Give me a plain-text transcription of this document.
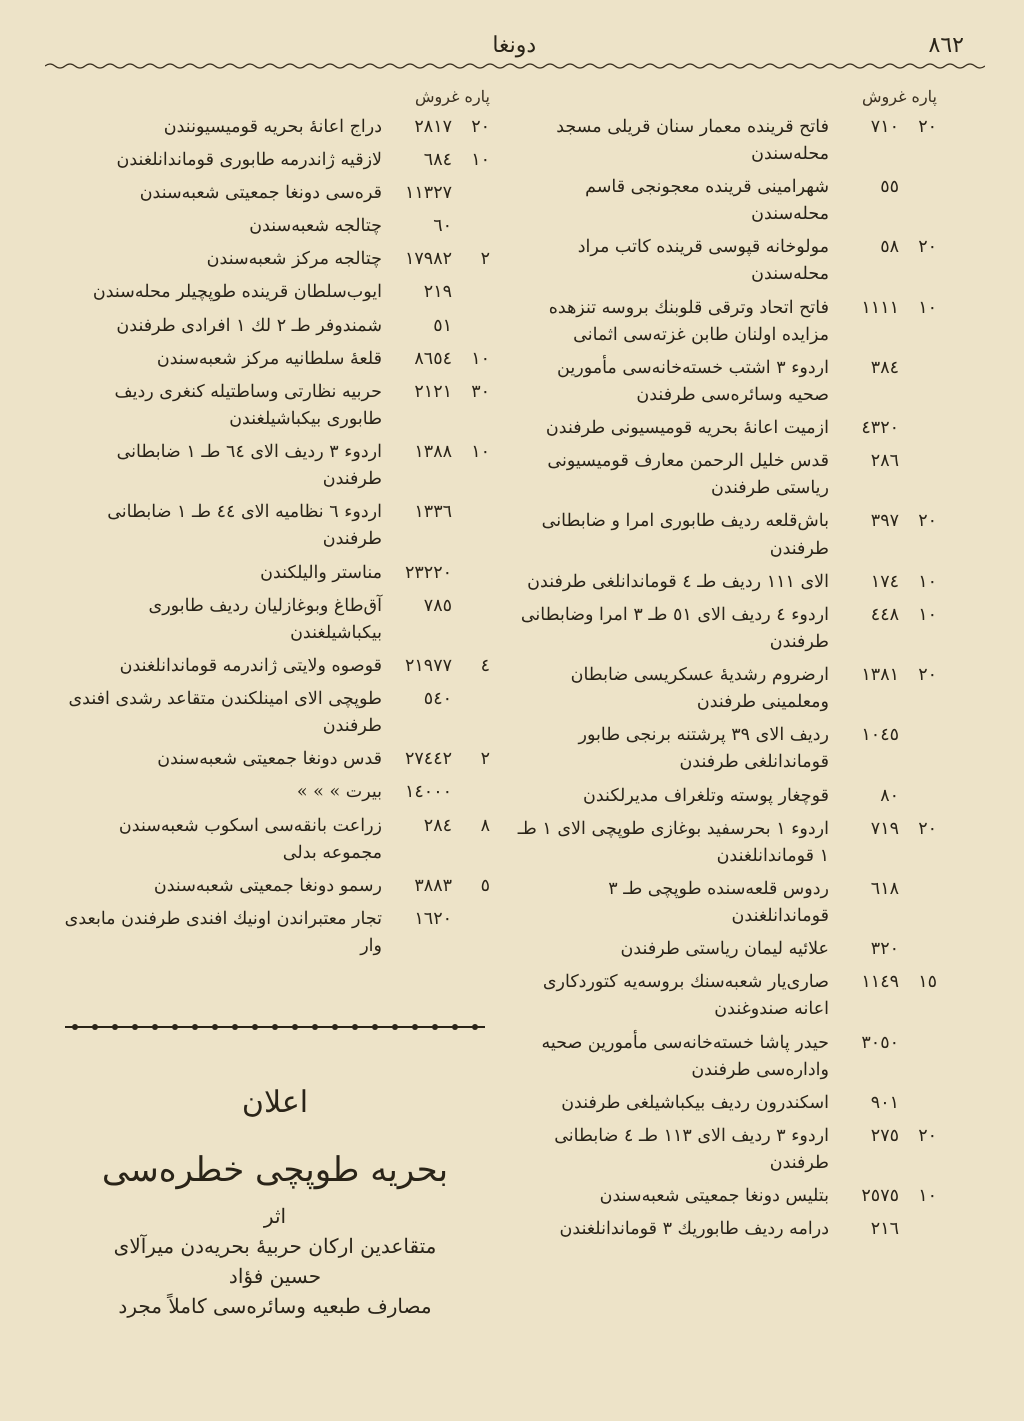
٨٦٢
دونغا
پاره غروش
٢٠
٧١٠
فاتح قرینده معمار سنان قریلی مسجد محله‌سندن
٥٥
شهرامینی قرینده معجونجی قاسم محله‌سندن
٢٠
٥٨
مولوخانه قپوسی قرینده کاتب مراد محله‌سندن
١٠
١١١١
فاتح اتحاد وترقی قلوبنك بروسه تنزهده مزایده اولنان طابن غزته‌سی اثمانی
٣٨٤
اردوء ٣ اشتب خسته‌خانه‌سی مأمورین صحیه وسائره‌سی طرفندن
٤٣٢٠
ازمیت اعانهٔ بحریه قومیسیونی طرفندن
٢٨٦
قدس خلیل الرحمن معارف قومیسیونی ریاستی طرفندن
٢٠
٣٩٧
باش‌قلعه ردیف طابوری امرا و ضابطانی طرفندن
١٠
١٧٤
الای ١١١ ردیف طـ ٤ قوماندانلغی طرفندن
١٠
٤٤٨
اردوء ٤ ردیف الای ٥١ طـ ٣ امرا وضابطانی طرفندن
٢٠
١٣٨١
ارضروم رشدیهٔ عسکریسی ضابطان ومعلمینی طرفندن
١٠٤٥
ردیف الای ٣٩ پرشتنه برنجی طابور قوماندانلغی طرفندن
٨٠
قوچغار پوسته وتلغراف مدیرلکندن
٢٠
٧١٩
اردوء ١ بحرسفید بوغازی طوپچی الای ١ طـ ١ قوماندانلغندن
٦١٨
ردوس قلعه‌سنده طوپچی طـ ٣ قوماندانلغندن
٣٢٠
علائیه لیمان ریاستی طرفندن
١٥
١١٤٩
صاری‌یار شعبه‌سنك بروسه‌یه کتوردکاری اعانه صندوغندن
٣٠٥٠
حیدر پاشا خسته‌خانه‌سی مأمورین صحیه واداره‌سی طرفندن
٩٠١
اسکندرون ردیف بیکباشیلغی طرفندن
٢٠
٢٧٥
اردوء ٣ ردیف الای ١١٣ طـ ٤ ضابطانی طرفندن
١٠
٢٥٧٥
بتلیس دونغا جمعیتی شعبه‌سندن
٢١٦
درامه ردیف طابوریك ٣ قوماندانلغندن
پاره غروش
٢٠
٢٨١٧
دراج اعانهٔ بحریه قومیسیونندن
١٠
٦٨٤
لازقیه ژاندرمه طابوری قوماندانلغندن
١١٣٢٧
قره‌سی دونغا جمعیتی شعبه‌سندن
٦٠
چتالجه شعبه‌سندن
٢
١٧٩٨٢
چتالجه مرکز شعبه‌سندن
٢١٩
ایوب‌سلطان قرینده طوپچیلر محله‌سندن
٥١
شمندوفر طـ ٢ لك ١ افرادی طرفندن
١٠
٨٦٥٤
قلعهٔ سلطانیه مرکز شعبه‌سندن
٣٠
٢١٢١
حربیه نظارتی وساطتیله کنغری ردیف طابوری بیکباشیلغندن
١٠
١٣٨٨
اردوء ٣ ردیف الای ٦٤ طـ ١ ضابطانی طرفندن
١٣٣٦
اردوء ٦ نظامیه الای ٤٤ طـ ١ ضابطانی طرفندن
٢٣٢٢٠
مناستر والیلکندن
٧٨٥
آق‌طاغ وبوغازلیان ردیف طابوری بیکباشیلغندن
٤
٢١٩٧٧
قوصوه ولایتی ژاندرمه قوماندانلغندن
٥٤٠
طوپچی الای امینلکندن متقاعد رشدی افندی طرفندن
٢
٢٧٤٤٢
قدس دونغا جمعیتی شعبه‌سندن
١٤٠٠٠
بیرت » » »
٨
٢٨٤
زراعت بانقه‌سی اسکوب شعبه‌سندن مجموعه بدلی
٥
٣٨٨٣
رسمو دونغا جمعیتی شعبه‌سندن
١٦٢٠
تجار معتبراندن اونیك افندی طرفندن مابعدی وار
اعلان
بحریه طوپچی خطره‌سی
اثر
متقاعدین ارکان حربیهٔ بحریه‌دن میرآلای
حسین فؤاد
مصارف طبعیه وسائره‌سی کاملاً مجرد
